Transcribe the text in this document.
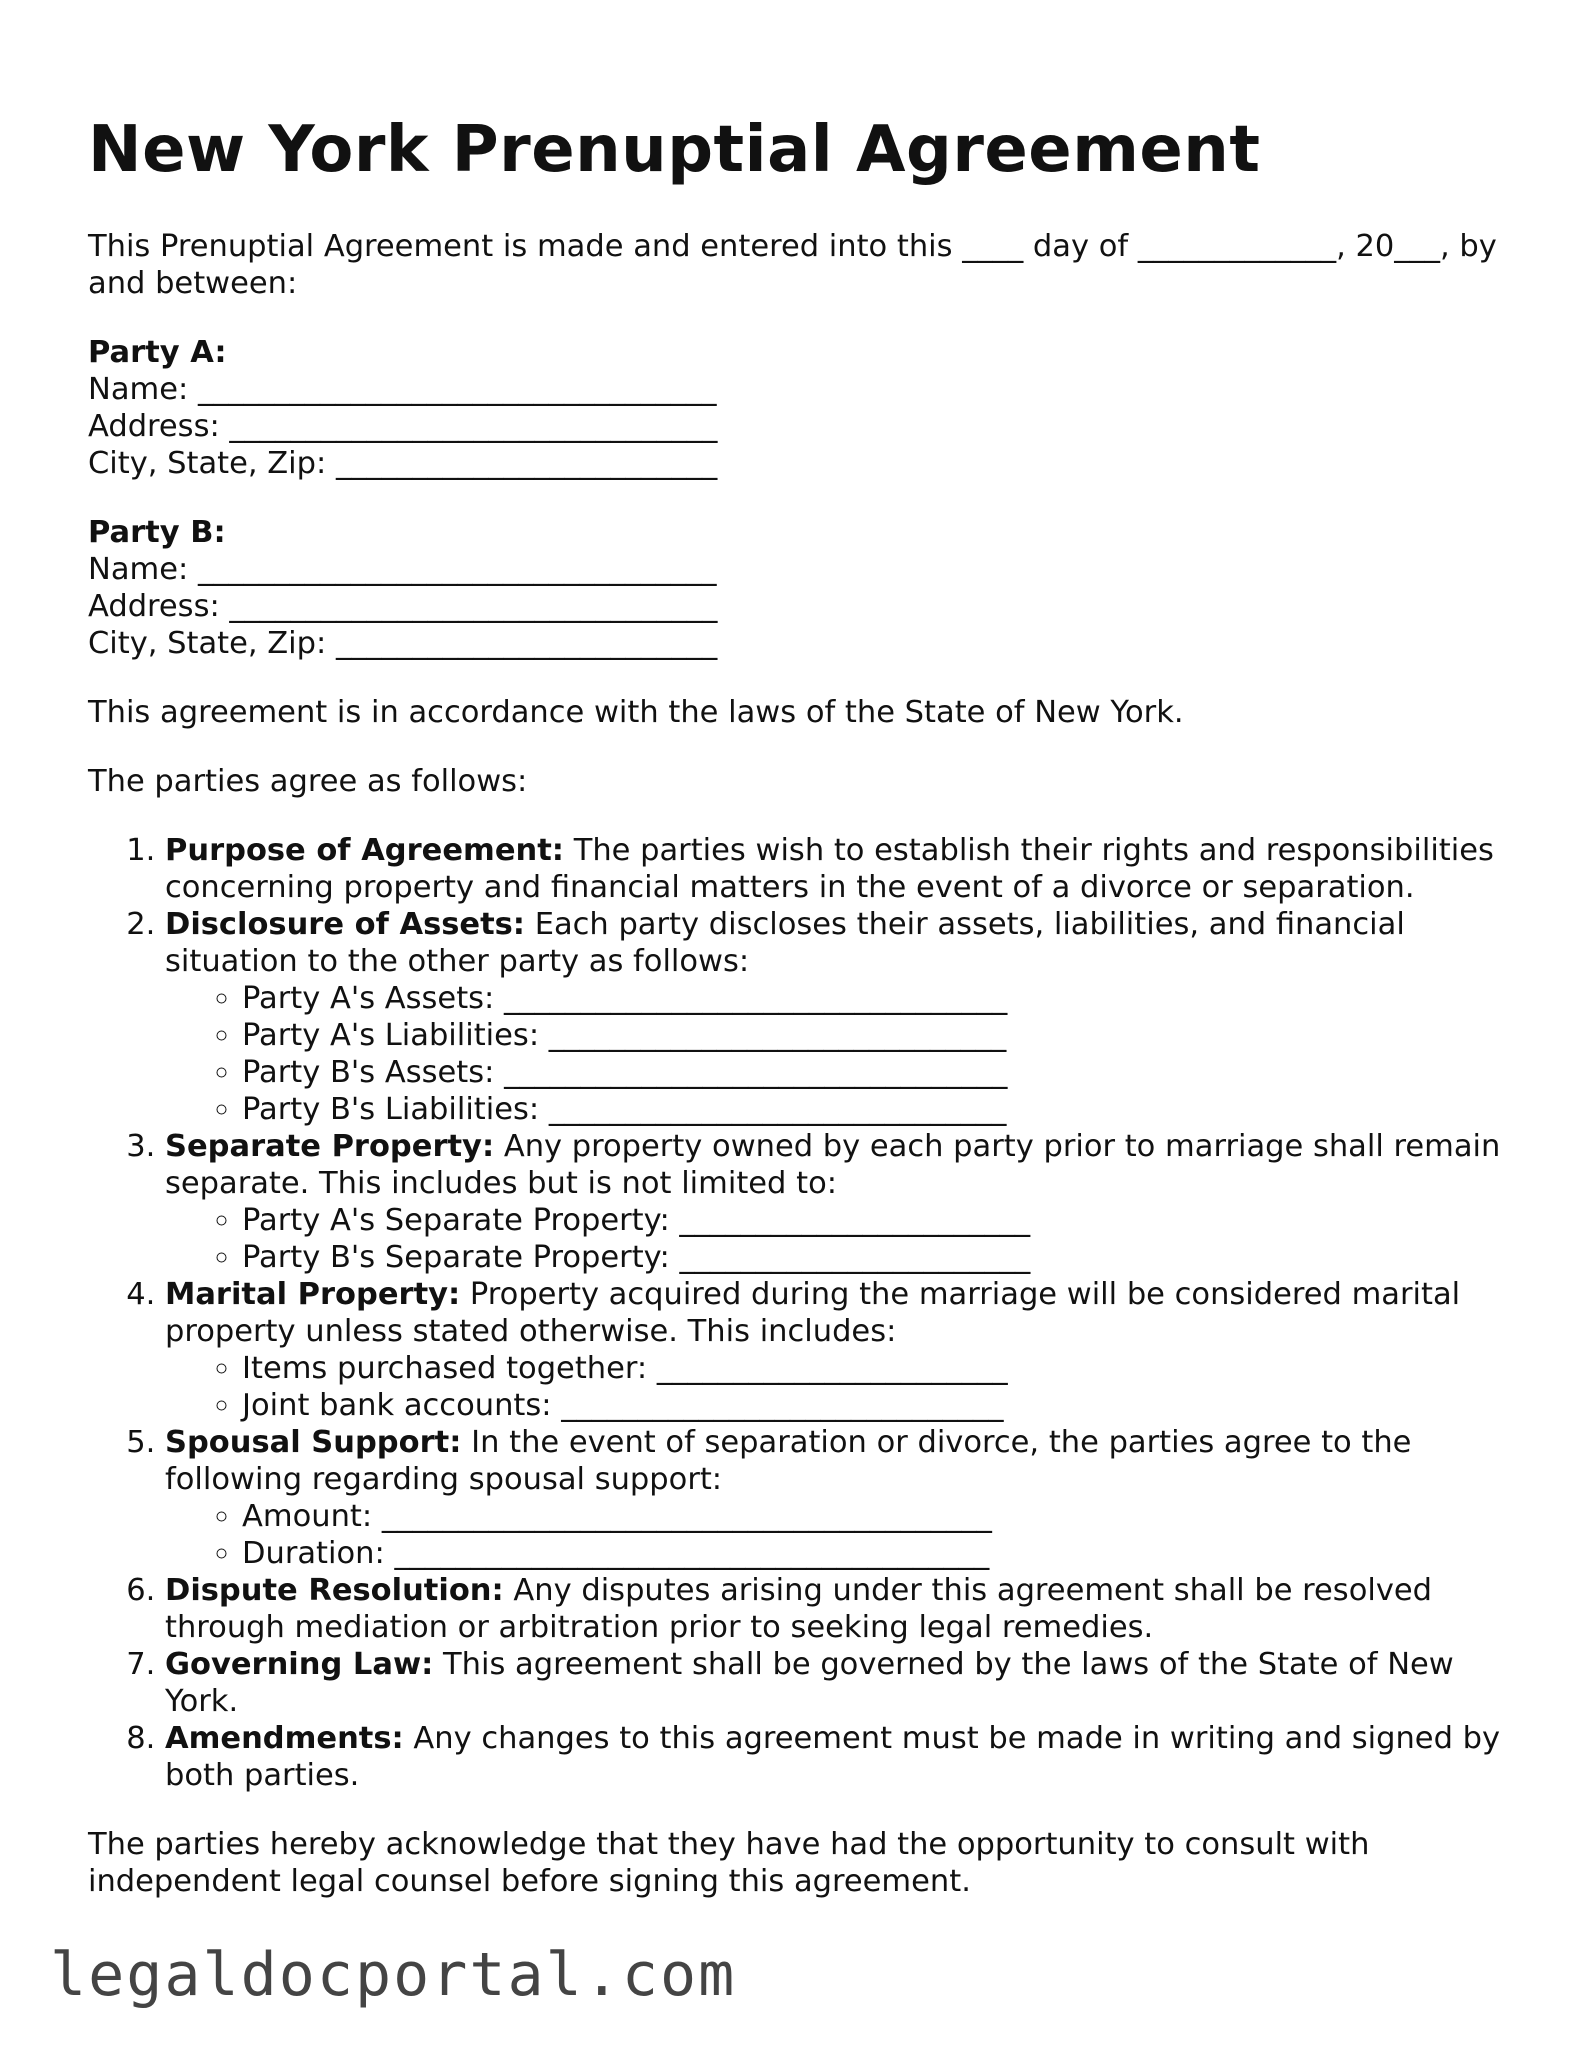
New York Prenuptial Agreement

This Prenuptial Agreement is made and entered into this ____ day of _____________, 20___, by and between:

Party A:
Name: __________________________________
Address: ________________________________
City, State, Zip: _________________________
Party B:
Name: __________________________________
Address: ________________________________
City, State, Zip: _________________________

This agreement is in accordance with the laws of the State of New York.

The parties agree as follows:

1. Purpose of Agreement: The parties wish to establish their rights and responsibilities concerning property and financial matters in the event of a divorce or separation.
2. Disclosure of Assets: Each party discloses their assets, liabilities, and financial situation to the other party as follows:
◦ Party A's Assets: _________________________________
◦ Party A's Liabilities: ______________________________
◦ Party B's Assets: _________________________________
◦ Party B's Liabilities: ______________________________
3. Separate Property: Any property owned by each party prior to marriage shall remain separate. This includes but is not limited to:
◦ Party A's Separate Property: _______________________
◦ Party B's Separate Property: _______________________
4. Marital Property: Property acquired during the marriage will be considered marital property unless stated otherwise. This includes:
◦ Items purchased together: _______________________
◦ Joint bank accounts: _____________________________
5. Spousal Support: In the event of separation or divorce, the parties agree to the following regarding spousal support:
◦ Amount: ________________________________________
◦ Duration: _______________________________________
6. Dispute Resolution: Any disputes arising under this agreement shall be resolved through mediation or arbitration prior to seeking legal remedies.
7. Governing Law: This agreement shall be governed by the laws of the State of New York.
8. Amendments: Any changes to this agreement must be made in writing and signed by both parties.

The parties hereby acknowledge that they have had the opportunity to consult with independent legal counsel before signing this agreement.

legaldocportal.com
